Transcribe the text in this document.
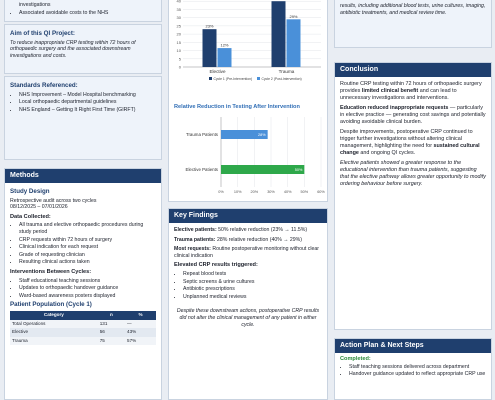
investigations
• Associated avoidable costs to the NHS
Aim of this QI Project:

To reduce inappropriate CRP testing within 72 hours of orthopaedic surgery and the associated downstream investigations and costs.

Standards Referenced:
• NHS Improvement – Model Hospital benchmarking
• Local orthopaedic departmental guidelines
• NHS England – Getting It Right First Time (GIRFT)
Methods
Study Design
Retrospective audit across two cycles
08/12/2025 – 07/01/2026
Data Collected:
• All trauma and elective orthopaedic procedures during study period
• CRP requests within 72 hours of surgery
• Clinical indication for each request
• Grade of requesting clinician
• Resulting clinical actions taken
Interventions Between Cycles:
• Staff educational teaching sessions
• Updates to orthopaedic handover guidance
• Ward-based awareness posters displayed
Patient Population (Cycle 1)
Category	n	%
Total Operations	131	—
Elective	56	43%
Trauma	75	57%
0
5
10
15
20
25
30
35
40
23%
12%
Elective
29%
Trauma
Cycle 1 (Pre-Intervention)	Cycle 2 (Post-Intervention)
Relative Reduction in Testing After Intervention
0%	10% 20% 30% 40% 50% 60%
28%
Trauma Patients
50%
Elective Patients
Key Findings

Elective patients: 50% relative reduction (23% → 11.5%)

Trauma patients: 28% relative reduction (40% → 29%)

Most requests: Routine postoperative monitoring without clear clinical indication

Elevated CRP results triggered:
• Repeat blood tests
• Septic screens & urine cultures
• Antibiotic prescriptions
• Unplanned medical reviews

Despite these downstream actions, postoperative CRP results did not alter the clinical management of any patient in either cycle.

results, including additional blood tests, urine cultures, imaging, antibiotic treatments, and medical review time.

Conclusion

Routine CRP testing within 72 hours of orthopaedic surgery provides limited clinical benefit and can lead to unnecessary investigations and interventions.

Education reduced inappropriate requests — particularly in elective practice — generating cost savings and potentially avoiding avoidable clinical burden.

Despite improvements, postoperative CRP continued to trigger further investigations without altering clinical management, highlighting the need for sustained cultural change and ongoing QI cycles.

Elective patients showed a greater response to the educational intervention than trauma patients, suggesting that the elective pathway allows greater opportunity to modify ordering behaviour before surgery.

Action Plan & Next Steps
Completed:
• Staff teaching sessions delivered across department
• Handover guidance updated to reflect appropriate CRP use
